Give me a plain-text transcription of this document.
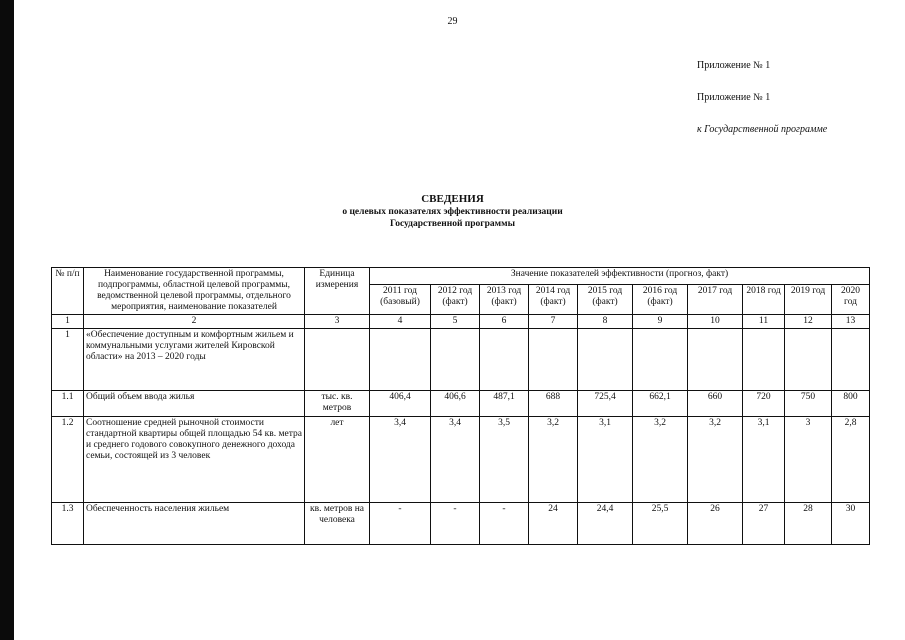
29
Приложение № 1
Приложение № 1
к Государственной программе
СВЕДЕНИЯ
о целевых показателях эффективности реализации
Государственной программы
№ п/п	Наименование государственной программы, подпрограммы, областной целевой программы, ведомственной целевой программы, отдельного мероприятия, наименование показателей	Единица измерения	Значение показателей эффективности (прогноз, факт)									
			2011 год (базовый)	2012 год (факт)	2013 год (факт)	2014 год (факт)	2015 год (факт)	2016 год (факт)	2017 год	2018 год	2019 год	2020 год
1	2	3	4	5	6	7	8	9	10	11	12	13
1	«Обеспечение доступным и комфортным жильем и коммунальными услугами жителей Кировской области» на 2013 – 2020 годы											
1.1	Общий объем ввода жилья	тыс. кв. метров	406,4	406,6	487,1	688	725,4	662,1	660	720	750	800
1.2	Соотношение средней рыночной стоимости стандартной квартиры общей площадью 54 кв. метра и среднего годового совокупного денежного дохода семьи, состоящей из 3 человек	лет	3,4	3,4	3,5	3,2	3,1	3,2	3,2	3,1	3	2,8
1.3	Обеспеченность населения жильем	кв. метров на человека	-	-	-	24	24,4	25,5	26	27	28	30
